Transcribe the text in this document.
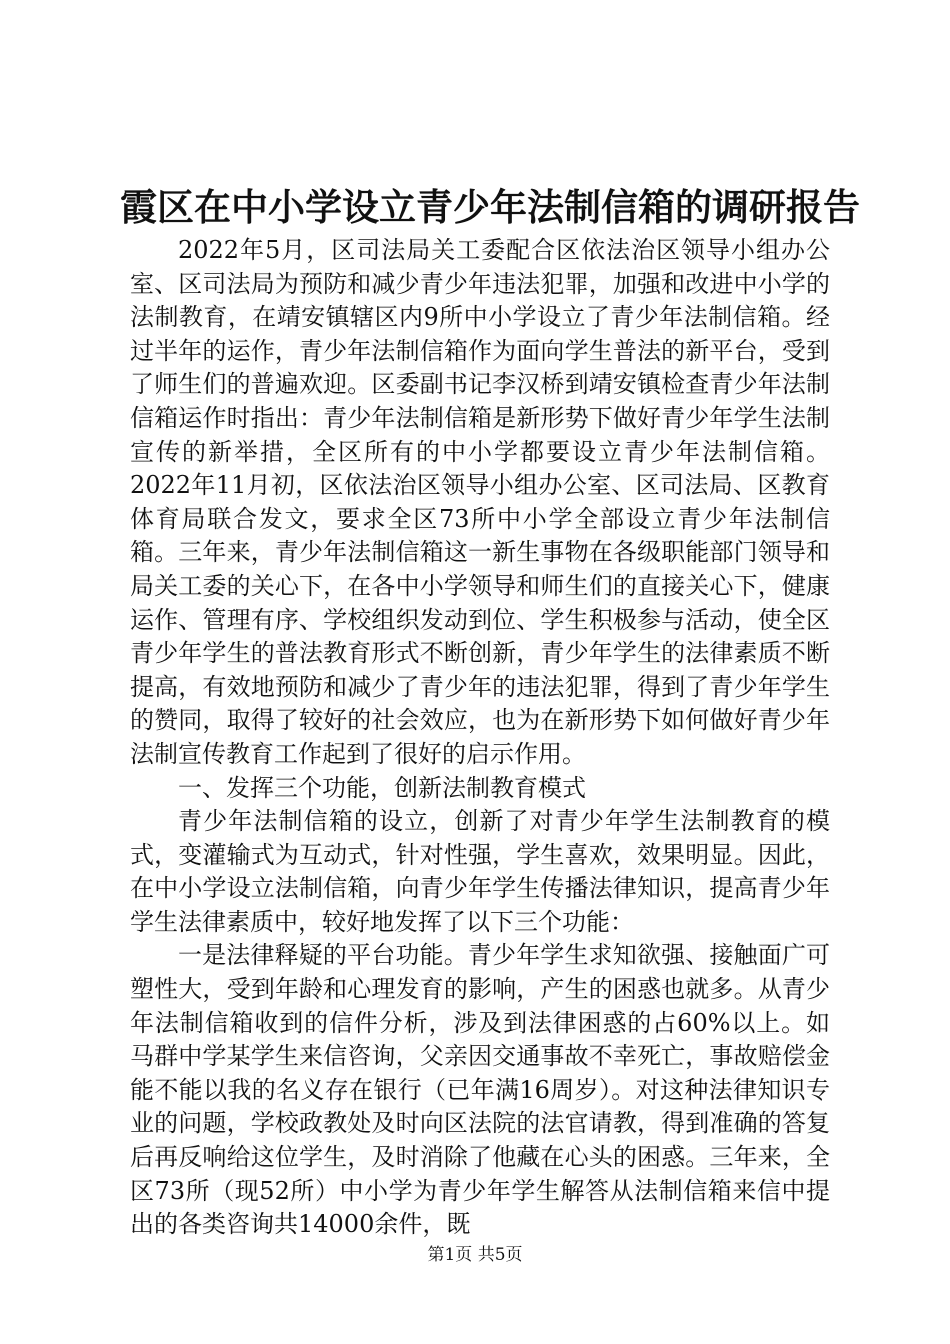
霞区在中小学设立青少年法制信箱的调研报告

2022年5月，区司法局关工委配合区依法治区领导小组办公室、区司法局为预防和减少青少年违法犯罪，加强和改进中小学的法制教育，在靖安镇辖区内9所中小学设立了青少年法制信箱。经过半年的运作，青少年法制信箱作为面向学生普法的新平台，受到了师生们的普遍欢迎。区委副书记李汉桥到靖安镇检查青少年法制信箱运作时指出：青少年法制信箱是新形势下做好青少年学生法制宣传的新举措，全区所有的中小学都要设立青少年法制信箱。2022年11月初，区依法治区领导小组办公室、区司法局、区教育体育局联合发文，要求全区73所中小学全部设立青少年法制信箱。三年来，青少年法制信箱这一新生事物在各级职能部门领导和局关工委的关心下，在各中小学领导和师生们的直接关心下，健康运作、管理有序、学校组织发动到位、学生积极参与活动，使全区青少年学生的普法教育形式不断创新，青少年学生的法律素质不断提高，有效地预防和减少了青少年的违法犯罪，得到了青少年学生的赞同，取得了较好的社会效应，也为在新形势下如何做好青少年法制宣传教育工作起到了很好的启示作用。

一、发挥三个功能，创新法制教育模式

青少年法制信箱的设立，创新了对青少年学生法制教育的模式，变灌输式为互动式，针对性强，学生喜欢，效果明显。因此，在中小学设立法制信箱，向青少年学生传播法律知识，提高青少年学生法律素质中，较好地发挥了以下三个功能：

一是法律释疑的平台功能。青少年学生求知欲强、接触面广可塑性大，受到年龄和心理发育的影响，产生的困惑也就多。从青少年法制信箱收到的信件分析，涉及到法律困惑的占60%以上。如马群中学某学生来信咨询，父亲因交通事故不幸死亡，事故赔偿金能不能以我的名义存在银行（已年满16周岁）。对这种法律知识专业的问题，学校政教处及时向区法院的法官请教，得到准确的答复后再反响给这位学生，及时消除了他藏在心头的困惑。三年来，全区73所（现52所）中小学为青少年学生解答从法制信箱来信中提出的各类咨询共14000余件，既

第1页 共5页
